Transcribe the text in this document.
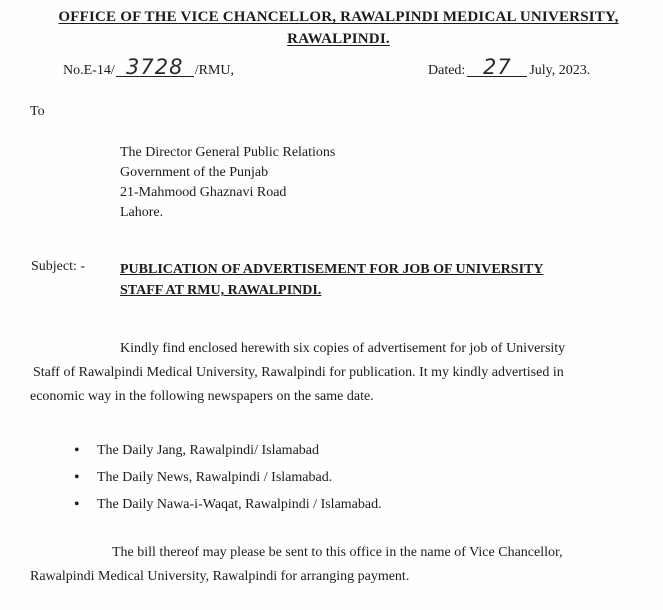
OFFICE OF THE VICE CHANCELLOR, RAWALPINDI MEDICAL UNIVERSITY,
RAWALPINDI.
No.E-14/ 3728 /RMU,	Dated: 27 July, 2023.
To
The Director General Public Relations
Government of the Punjab
21-Mahmood Ghaznavi Road
Lahore.
Subject: - PUBLICATION OF ADVERTISEMENT FOR JOB OF UNIVERSITY
STAFF AT RMU, RAWALPINDI.
Kindly find enclosed herewith six copies of advertisement for job of University
Staff of Rawalpindi Medical University, Rawalpindi for publication. It my kindly advertised in
economic way in the following newspapers on the same date.
• The Daily Jang, Rawalpindi/ Islamabad
• The Daily News, Rawalpindi / Islamabad.
• The Daily Nawa-i-Waqat, Rawalpindi / Islamabad.
The bill thereof may please be sent to this office in the name of Vice Chancellor,
Rawalpindi Medical University, Rawalpindi for arranging payment.
